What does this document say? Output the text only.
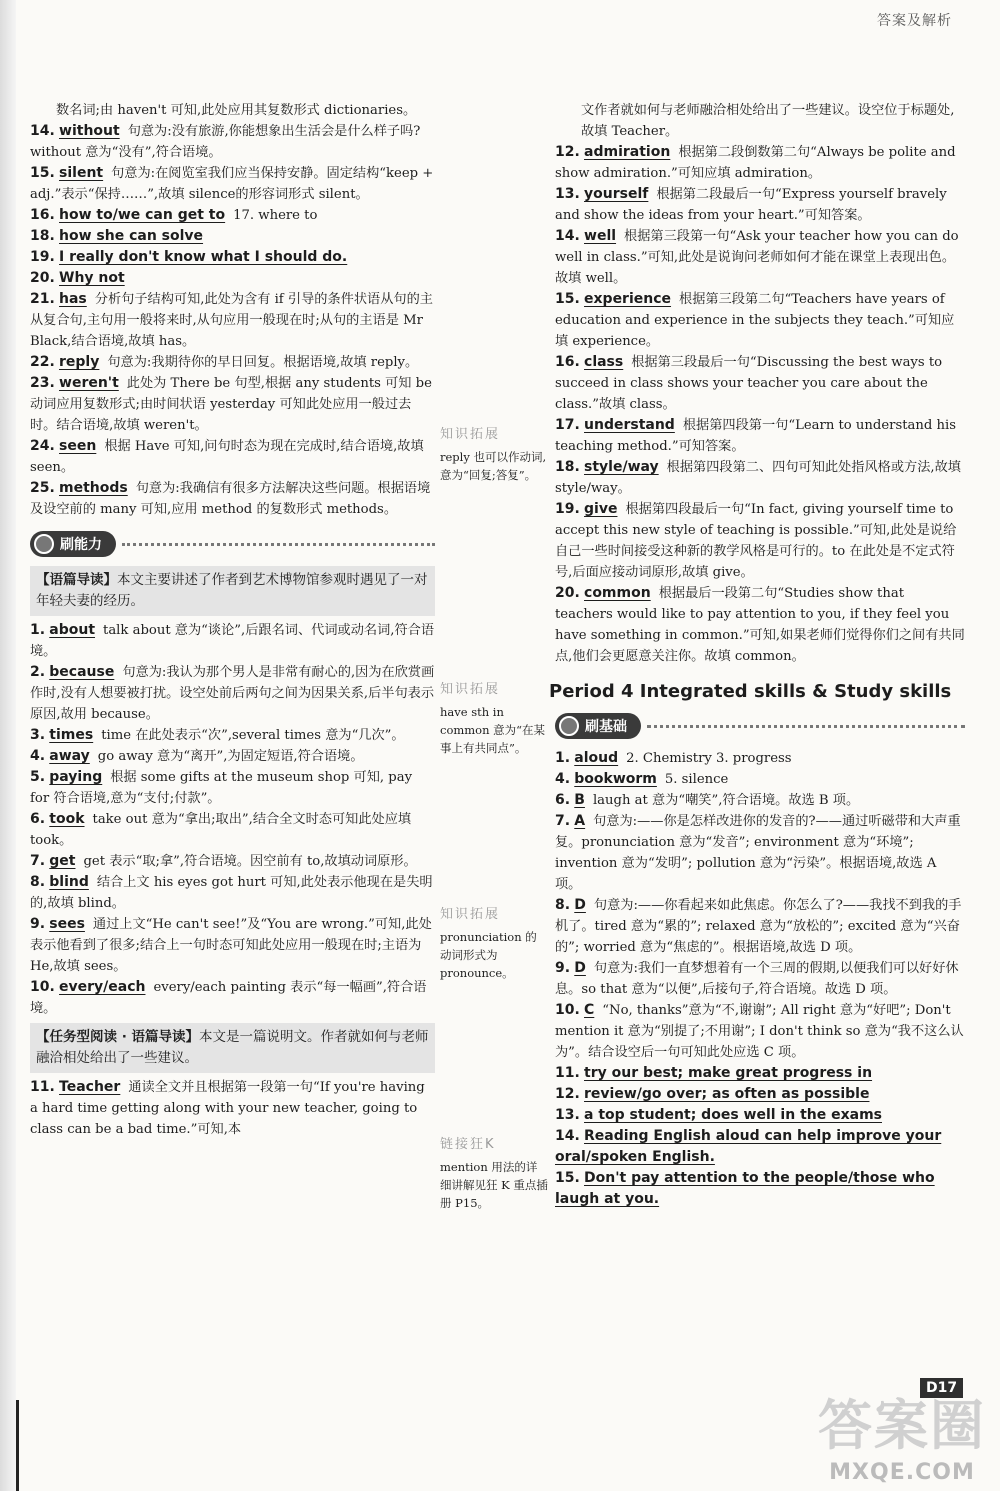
答案及解析

数名词;由 haven't 可知,此处应用其复数形式 dictionaries。

14. without 句意为:没有旅游,你能想象出生活会是什么样子吗?without 意为“没有”,符合语境。

15. silent 句意为:在阅览室我们应当保持安静。固定结构“keep + adj.”表示“保持……”,故填 silence的形容词形式 silent。

16. how to/we can get to 17. where to

18. how she can solve

19. I really don't know what I should do.

20. Why not

21. has 分析句子结构可知,此处为含有 if 引导的条件状语从句的主从复合句,主句用一般将来时,从句应用一般现在时;从句的主语是 Mr Black,结合语境,故填 has。

22. reply 句意为:我期待你的早日回复。根据语境,故填 reply。

23. weren't 此处为 There be 句型,根据 any students 可知 be 动词应用复数形式;由时间状语 yesterday 可知此处应用一般过去时。结合语境,故填 weren't。

24. seen 根据 Have 可知,问句时态为现在完成时,结合语境,故填 seen。

25. methods 句意为:我确信有很多方法解决这些问题。根据语境及设空前的 many 可知,应用 method 的复数形式 methods。

刷能力
【语篇导读】本文主要讲述了作者到艺术博物馆参观时遇见了一对年轻夫妻的经历。

1. about talk about 意为“谈论”,后跟名词、代词或动名词,符合语境。

2. because 句意为:我认为那个男人是非常有耐心的,因为在欣赏画作时,没有人想要被打扰。设空处前后两句之间为因果关系,后半句表示原因,故用 because。

3. times time 在此处表示“次”,several times 意为“几次”。

4. away go away 意为“离开”,为固定短语,符合语境。

5. paying 根据 some gifts at the museum shop 可知, pay for 符合语境,意为“支付;付款”。

6. took take out 意为“拿出;取出”,结合全文时态可知此处应填 took。

7. get get 表示“取;拿”,符合语境。因空前有 to,故填动词原形。

8. blind 结合上文 his eyes got hurt 可知,此处表示他现在是失明的,故填 blind。

9. sees 通过上文“He can't see!”及“You are wrong.”可知,此处表示他看到了很多;结合上一句时态可知此处应用一般现在时;主语为 He,故填 sees。

10. every/each every/each painting 表示“每一幅画”,符合语境。

【任务型阅读 · 语篇导读】本文是一篇说明文。作者就如何与老师融洽相处给出了一些建议。

11. Teacher 通读全文并且根据第一段第一句“If you're having a hard time getting along with your new teacher, going to class can be a bad time.”可知,本

知识拓展
reply 也可以作动词,意为“回复;答复”。
知识拓展
have sth in common 意为“在某事上有共同点”。
知识拓展
pronunciation 的动词形式为 pronounce。
链接狂K
mention 用法的详细讲解见狂 K 重点插册 P15。

文作者就如何与老师融洽相处给出了一些建议。设空位于标题处,故填 Teacher。

12. admiration 根据第二段倒数第二句“Always be polite and show admiration.”可知应填 admiration。

13. yourself 根据第二段最后一句“Express yourself bravely and show the ideas from your heart.”可知答案。

14. well 根据第三段第一句“Ask your teacher how you can do well in class.”可知,此处是说询问老师如何才能在课堂上表现出色。故填 well。

15. experience 根据第三段第二句“Teachers have years of education and experience in the subjects they teach.”可知应填 experience。

16. class 根据第三段最后一句“Discussing the best ways to succeed in class shows your teacher you care about the class.”故填 class。

17. understand 根据第四段第一句“Learn to understand his teaching method.”可知答案。

18. style/way 根据第四段第二、四句可知此处指风格或方法,故填 style/way。

19. give 根据第四段最后一句“In fact, giving yourself time to accept this new style of teaching is possible.”可知,此处是说给自己一些时间接受这种新的教学风格是可行的。to 在此处是不定式符号,后面应接动词原形,故填 give。

20. common 根据最后一段第二句“Studies show that teachers would like to pay attention to you, if they feel you have something in common.”可知,如果老师们觉得你们之间有共同点,他们会更愿意关注你。故填 common。

Period 4 Integrated skills & Study skills
刷基础

1. aloud 2. Chemistry 3. progress

4. bookworm 5. silence

6. B laugh at 意为“嘲笑”,符合语境。故选 B 项。

7. A 句意为:——你是怎样改进你的发音的?——通过听磁带和大声重复。pronunciation 意为“发音”; environment 意为“环境”; invention 意为“发明”; pollution 意为“污染”。根据语境,故选 A 项。

8. D 句意为:——你看起来如此焦虑。你怎么了?——我找不到我的手机了。tired 意为“累的”; relaxed 意为“放松的”; excited 意为“兴奋的”; worried 意为“焦虑的”。根据语境,故选 D 项。

9. D 句意为:我们一直梦想着有一个三周的假期,以便我们可以好好休息。so that 意为“以便”,后接句子,符合语境。故选 D 项。

10. C “No, thanks”意为“不,谢谢”; All right 意为“好吧”; Don't mention it 意为“别提了;不用谢”; I don't think so 意为“我不这么认为”。结合设空后一句可知此处应选 C 项。

11. try our best; make great progress in

12. review/go over; as often as possible

13. a top student; does well in the exams

14. Reading English aloud can help improve your oral/spoken English.

15. Don't pay attention to the people/those who laugh at you.

D17
答案圈
MXQE.COM
